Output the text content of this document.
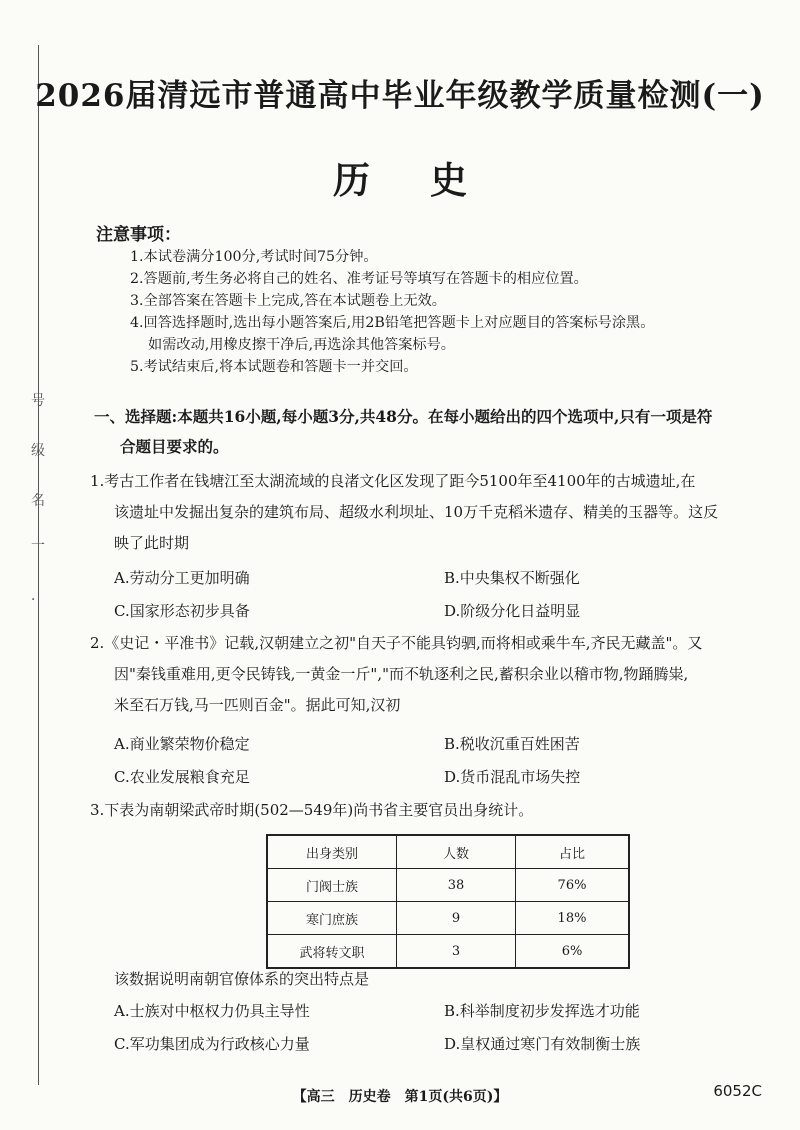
号
级
名
一
．
2026届清远市普通高中毕业年级教学质量检测(一)
历史
注意事项：
1.本试卷满分100分,考试时间75分钟。
2.答题前,考生务必将自己的姓名、准考证号等填写在答题卡的相应位置。
3.全部答案在答题卡上完成,答在本试题卷上无效。
4.回答选择题时,选出每小题答案后,用2B铅笔把答题卡上对应题目的答案标号涂黑。
如需改动,用橡皮擦干净后,再选涂其他答案标号。
5.考试结束后,将本试题卷和答题卡一并交回。
一、选择题:本题共16小题,每小题3分,共48分。在每小题给出的四个选项中,只有一项是符
合题目要求的。
1.考古工作者在钱塘江至太湖流域的良渚文化区发现了距今5100年至4100年的古城遗址,在
该遗址中发掘出复杂的建筑布局、超级水利坝址、10万千克稻米遗存、精美的玉器等。这反
映了此时期
A.劳动分工更加明确	B.中央集权不断强化
C.国家形态初步具备	D.阶级分化日益明显
2.《史记・平准书》记载,汉朝建立之初"自天子不能具钧驷,而将相或乘牛车,齐民无藏盖"。又
因"秦钱重难用,更令民铸钱,一黄金一斤","而不轨逐利之民,蓄积余业以稽市物,物踊腾粜,
米至石万钱,马一匹则百金"。据此可知,汉初
A.商业繁荣物价稳定	B.税收沉重百姓困苦
C.农业发展粮食充足	D.货币混乱市场失控
3.下表为南朝梁武帝时期(502—549年)尚书省主要官员出身统计。
出身类别	人数	占比
门阀士族	38	76%
寒门庶族	9	18%
武将转文职	3	6%
该数据说明南朝官僚体系的突出特点是
A.士族对中枢权力仍具主导性	B.科举制度初步发挥选才功能
C.军功集团成为行政核心力量	D.皇权通过寒门有效制衡士族
【高三　历史卷　第1页(共6页)】	6052C
